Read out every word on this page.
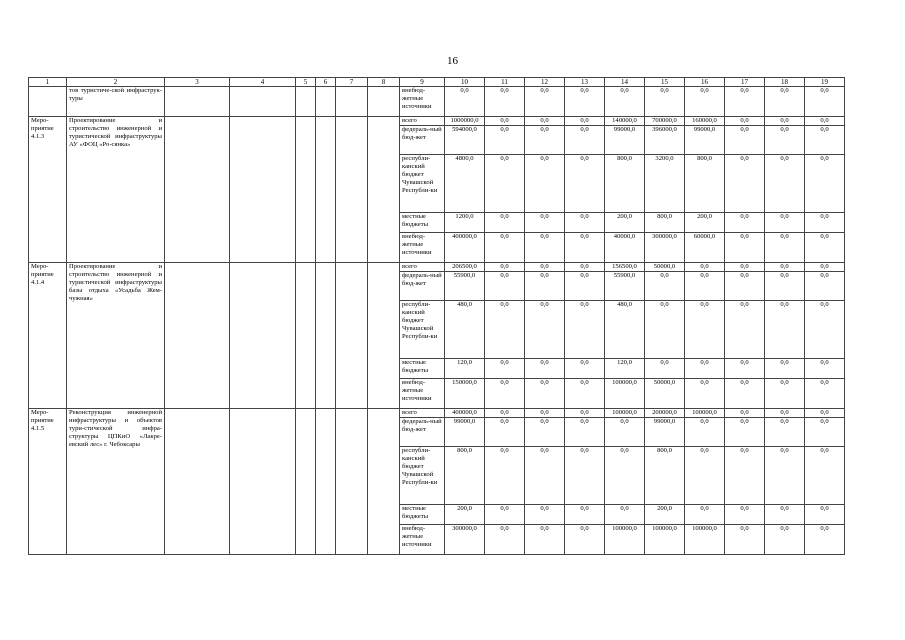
16
1	2	3	4	5	6	7	8	9	10	11	12	13	14	15	16	17	18	19
	тов туристиче-ской инфраструк-туры							внебюд-жетные источники	0,0	0,0	0,0	0,0	0,0	0,0	0,0	0,0	0,0	0,0
Меро-приятие 4.1.3	Проектирование и строительство инженерной и туристической инфраструктуры АУ «ФОЦ «Ро-сянка»							всего	1000000,0	0,0	0,0	0,0	140000,0	700000,0	160000,0	0,0	0,0	0,0
								федераль-ный бюд-жет	594000,0	0,0	0,0	0,0	99000,0	396000,0	99000,0	0,0	0,0	0,0
								республи-канский бюджет Чувашской Республи-ки	4800,0	0,0	0,0	0,0	800,0	3200,0	800,0	0,0	0,0	0,0
								местные бюджеты	1200,0	0,0	0,0	0,0	200,0	800,0	200,0	0,0	0,0	0,0
								внебюд-жетные источники	400000,0	0,0	0,0	0,0	40000,0	300000,0	60000,0	0,0	0,0	0,0
Меро-приятие 4.1.4	Проектирование и строительство инженерной и туристической инфраструктуры базы отдыха «Усадьба Жем-чужная»							всего	206500,0	0,0	0,0	0,0	156500,0	50000,0	0,0	0,0	0,0	0,0
								федераль-ный бюд-жет	55900,0	0,0	0,0	0,0	55900,0	0,0	0,0	0,0	0,0	0,0
								республи-канский бюджет Чувашской Республи-ки	480,0	0,0	0,0	0,0	480,0	0,0	0,0	0,0	0,0	0,0
								местные бюджеты	120,0	0,0	0,0	0,0	120,0	0,0	0,0	0,0	0,0	0,0
								внебюд-жетные источники	150000,0	0,0	0,0	0,0	100000,0	50000,0	0,0	0,0	0,0	0,0
Меро-приятие 4.1.5	Реконструкция инженерной инфраструктуры и объектов тури-стической инфра-структуры ЦПКиО «Лакре-евский лес» г. Чебоксары							всего	400000,0	0,0	0,0	0,0	100000,0	200000,0	100000,0	0,0	0,0	0,0
								федераль-ный бюд-жет	99000,0	0,0	0,0	0,0	0,0	99000,0	0,0	0,0	0,0	0,0
								республи-канский бюджет Чувашской Республи-ки	800,0	0,0	0,0	0,0	0,0	800,0	0,0	0,0	0,0	0,0
								местные бюджеты	200,0	0,0	0,0	0,0	0,0	200,0	0,0	0,0	0,0	0,0
								внебюд-жетные источники	300000,0	0,0	0,0	0,0	100000,0	100000,0	100000,0	0,0	0,0	0,0
